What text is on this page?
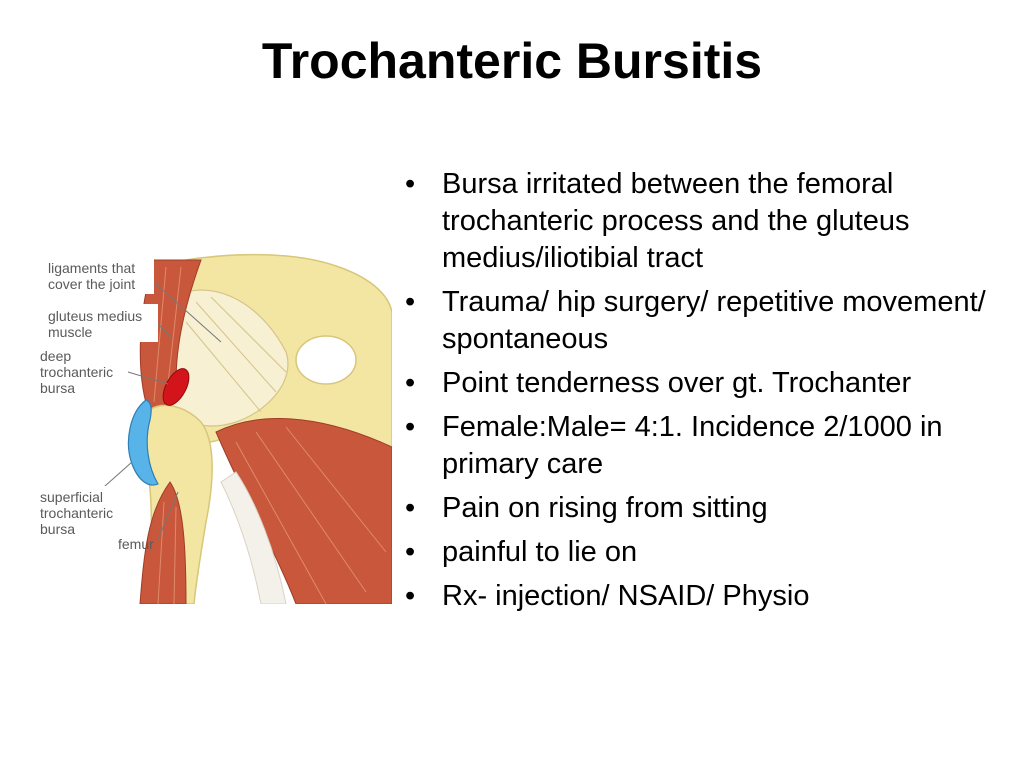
Trochanteric Bursitis
ligaments that cover the joint
gluteus medius muscle
deep trochanteric bursa
superficial trochanteric bursa
femur
• Bursa irritated between the femoral trochanteric process and the gluteus medius/iliotibial tract
• Trauma/ hip surgery/ repetitive movement/ spontaneous
• Point tenderness over gt. Trochanter
• Female:Male= 4:1. Incidence 2/1000 in primary care
• Pain on rising from sitting
• painful to lie on
• Rx- injection/ NSAID/ Physio
